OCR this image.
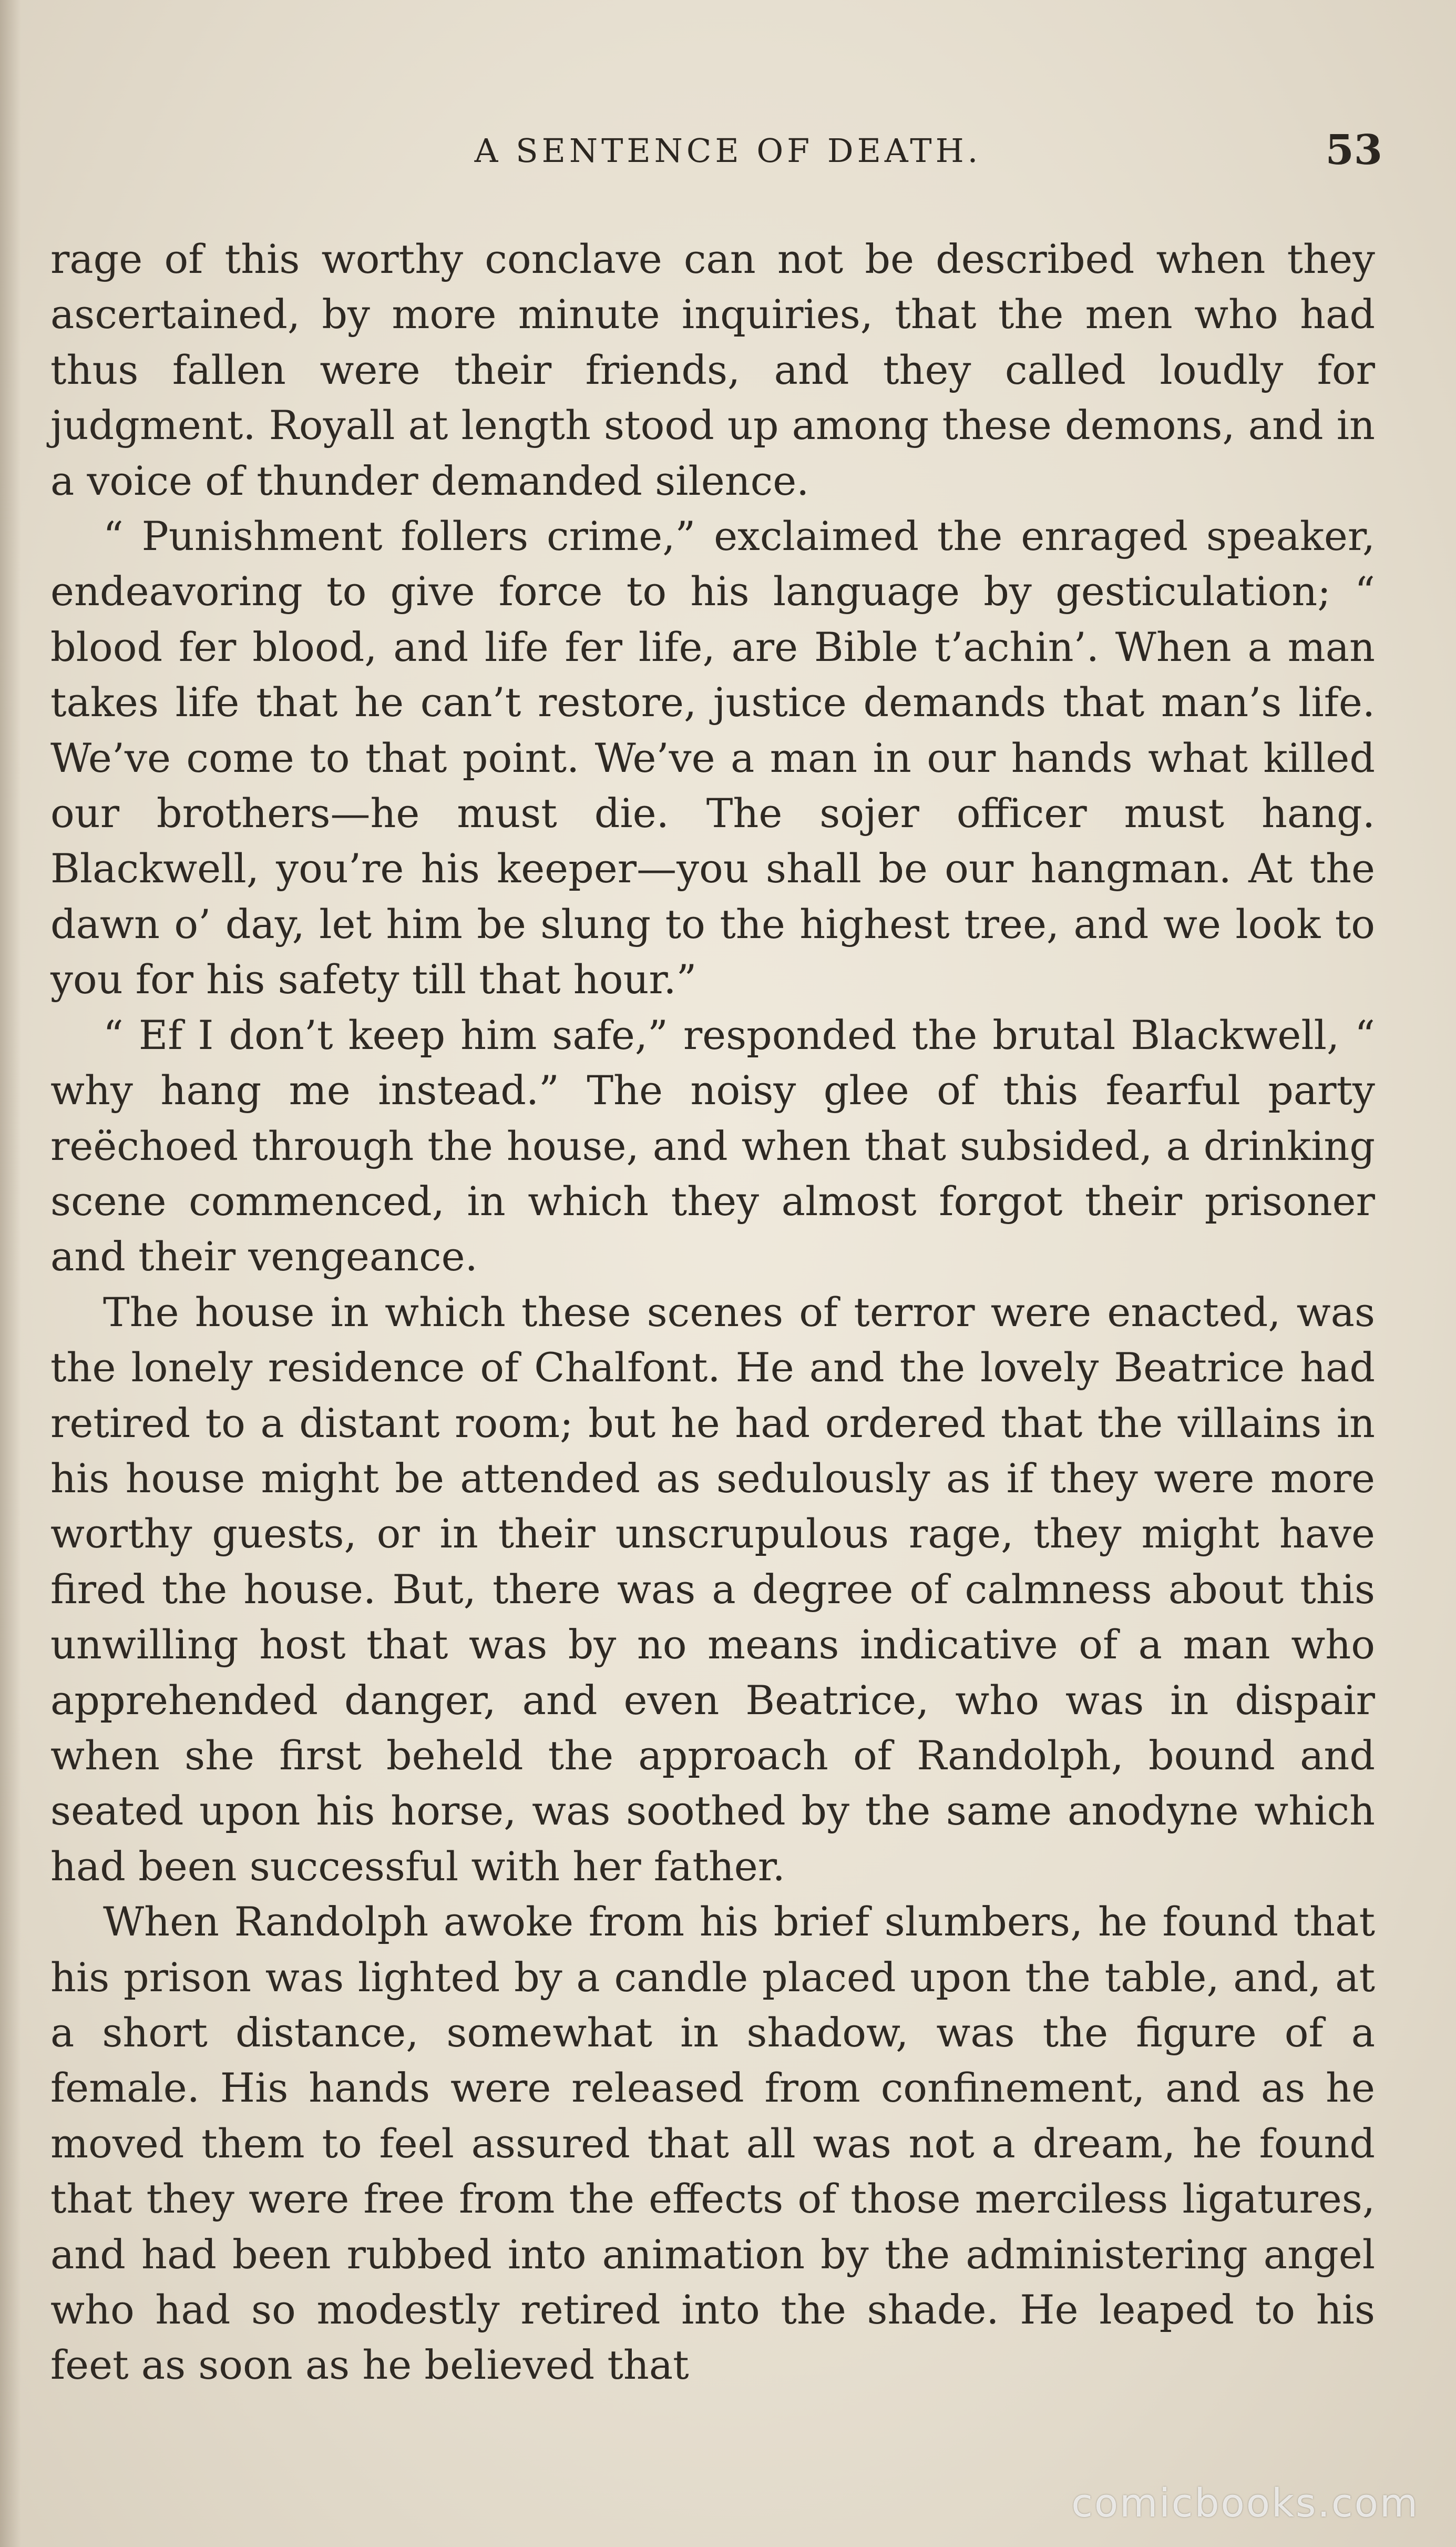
A SENTENCE OF DEATH.	53

rage of this worthy conclave can not be described when they ascertained, by more minute inquiries, that the men who had thus fallen were their friends, and they called loudly for judgment. Royall at length stood up among these demons, and in a voice of thunder demanded silence.

“ Punishment follers crime,” exclaimed the enraged speaker, endeavoring to give force to his language by gesticulation; “ blood fer blood, and life fer life, are Bible t’achin’. When a man takes life that he can’t restore, justice demands that man’s life. We’ve come to that point. We’ve a man in our hands what killed our brothers—he must die. The sojer officer must hang. Blackwell, you’re his keeper—you shall be our hangman. At the dawn o’ day, let him be slung to the highest tree, and we look to you for his safety till that hour.”

“ Ef I don’t keep him safe,” responded the brutal Blackwell, “ why hang me instead.” The noisy glee of this fearful party reëchoed through the house, and when that subsided, a drinking scene commenced, in which they almost forgot their prisoner and their vengeance.

The house in which these scenes of terror were enacted, was the lonely residence of Chalfont. He and the lovely Beatrice had retired to a distant room; but he had ordered that the villains in his house might be attended as sedulously as if they were more worthy guests, or in their unscrupulous rage, they might have fired the house. But, there was a degree of calmness about this unwilling host that was by no means indicative of a man who apprehended danger, and even Beatrice, who was in dispair when she first beheld the approach of Randolph, bound and seated upon his horse, was soothed by the same anodyne which had been successful with her father.

When Randolph awoke from his brief slumbers, he found that his prison was lighted by a candle placed upon the table, and, at a short distance, somewhat in shadow, was the figure of a female. His hands were released from confinement, and as he moved them to feel assured that all was not a dream, he found that they were free from the effects of those merciless ligatures, and had been rubbed into animation by the administering angel who had so modestly retired into the shade. He leaped to his feet as soon as he believed that

comicbooks.com
